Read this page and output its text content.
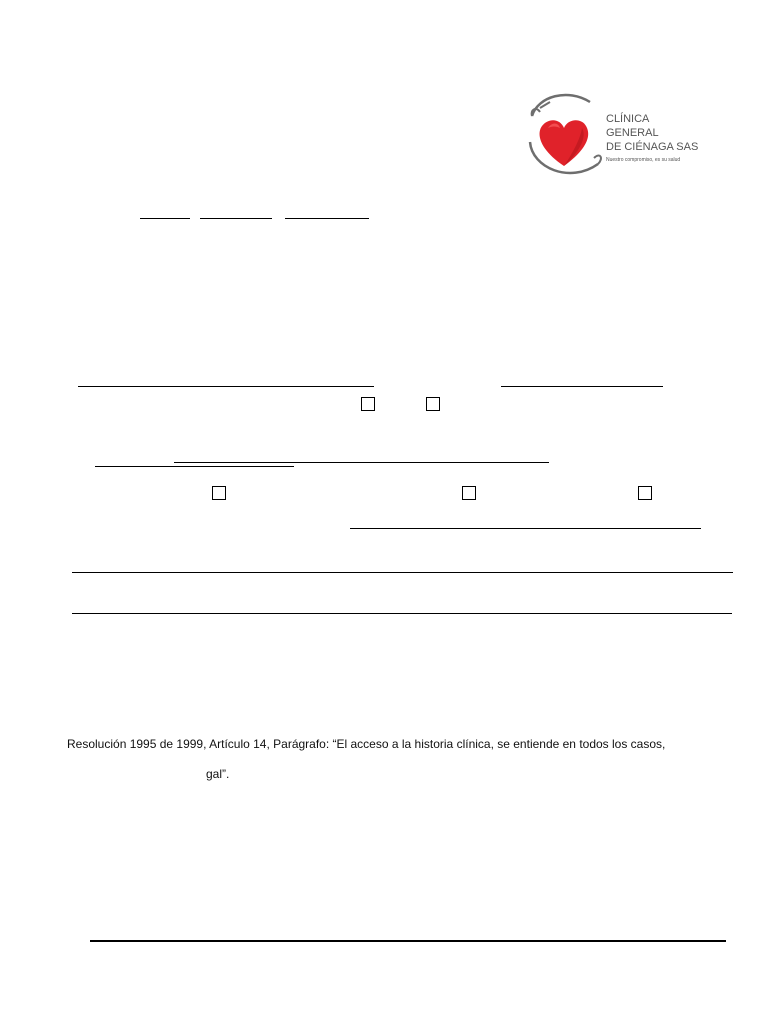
CLÍNICA
GENERAL
DE CIÉNAGA SAS
Nuestro compromiso, es su salud
Resolución 1995 de 1999, Artículo 14, Parágrafo: “El acceso a la historia clínica, se entiende en todos los casos,
gal”.
